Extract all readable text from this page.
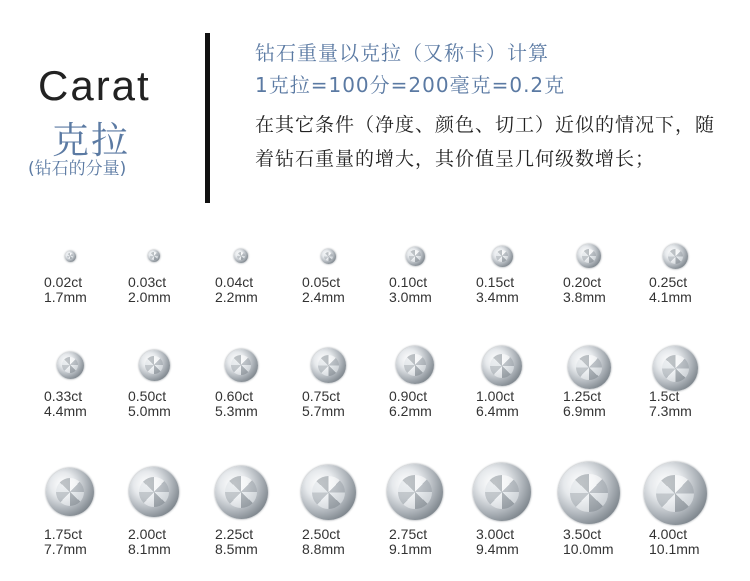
Carat
克拉
(钻石的分量)
钻石重量以克拉（又称卡）计算
1克拉=100分=200毫克=0.2克
在其它条件（净度、颜色、切工）近似的情况下，随着钻石重量的增大，其价值呈几何级数增长；
0.02ct
1.7mm
0.03ct
2.0mm
0.04ct
2.2mm
0.05ct
2.4mm
0.10ct
3.0mm
0.15ct
3.4mm
0.20ct
3.8mm
0.25ct
4.1mm
0.33ct
4.4mm
0.50ct
5.0mm
0.60ct
5.3mm
0.75ct
5.7mm
0.90ct
6.2mm
1.00ct
6.4mm
1.25ct
6.9mm
1.5ct
7.3mm
1.75ct
7.7mm
2.00ct
8.1mm
2.25ct
8.5mm
2.50ct
8.8mm
2.75ct
9.1mm
3.00ct
9.4mm
3.50ct
10.0mm
4.00ct
10.1mm
